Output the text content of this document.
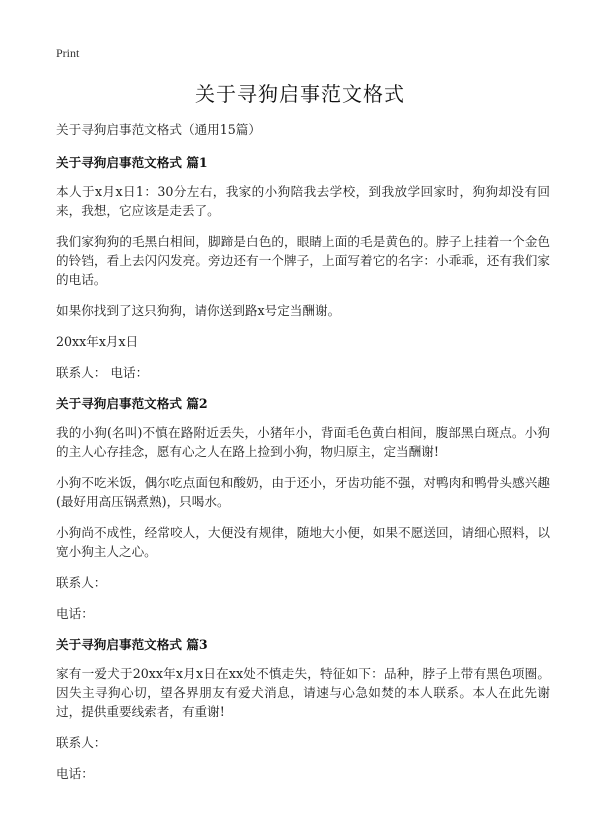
Print
关于寻狗启事范文格式

关于寻狗启事范文格式（通用15篇）

关于寻狗启事范文格式 篇1

本人于x月x日1：30分左右，我家的小狗陪我去学校，到我放学回家时，狗狗却没有回来，我想，它应该是走丢了。

我们家狗狗的毛黑白相间，脚蹄是白色的，眼睛上面的毛是黄色的。脖子上挂着一个金色的铃铛，看上去闪闪发亮。旁边还有一个牌子，上面写着它的名字：小乖乖，还有我们家的电话。

如果你找到了这只狗狗，请你送到路x号定当酬谢。

20xx年x月x日

联系人： 电话：

关于寻狗启事范文格式 篇2

我的小狗(名叫)不慎在路附近丢失，小猪年小，背面毛色黄白相间，腹部黑白斑点。小狗的主人心存挂念，愿有心之人在路上捡到小狗，物归原主，定当酬谢!

小狗不吃米饭，偶尔吃点面包和酸奶，由于还小，牙齿功能不强，对鸭肉和鸭骨头感兴趣(最好用高压锅煮熟)，只喝水。

小狗尚不成性，经常咬人，大便没有规律，随地大小便，如果不愿送回，请细心照料，以宽小狗主人之心。

联系人：

电话：

关于寻狗启事范文格式 篇3

家有一爱犬于20xx年x月x日在xx处不慎走失，特征如下：品种，脖子上带有黑色项圈。因失主寻狗心切，望各界朋友有爱犬消息，请速与心急如焚的本人联系。本人在此先谢过，提供重要线索者，有重谢!

联系人：

电话：
